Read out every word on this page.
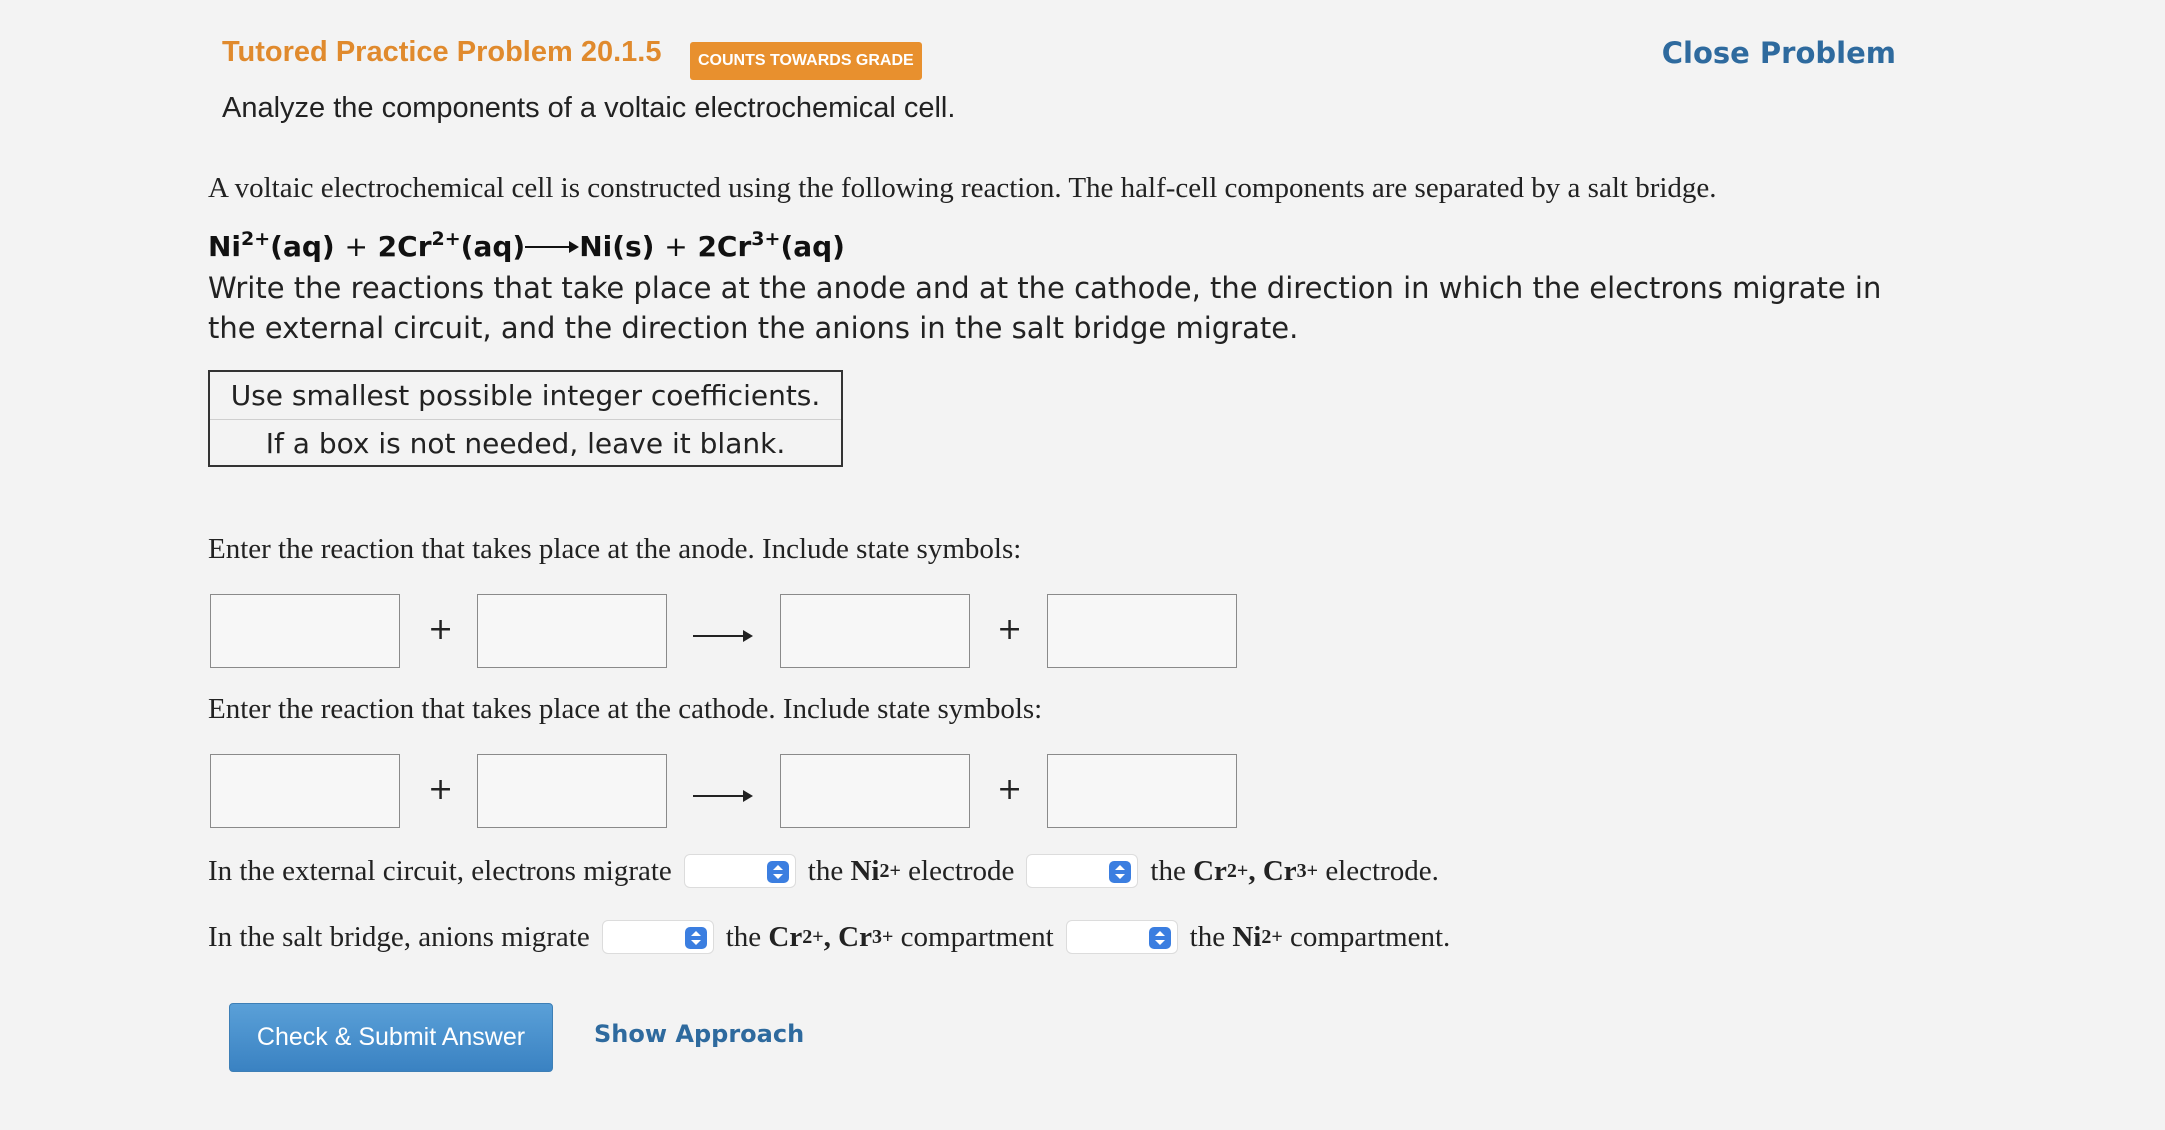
Tutored Practice Problem 20.1.5	COUNTS TOWARDS GRADE	Close Problem
Analyze the components of a voltaic electrochemical cell.
A voltaic electrochemical cell is constructed using the following reaction. The half-cell components are separated by a salt bridge.
$Ni^{2+}(aq) + 2Cr^{2+}(aq)\to Ni(s) + 2Cr^{3+}(aq)$
Write the reactions that take place at the anode and at the cathode, the direction in which the electrons migrate in the external circuit, and the direction the anions in the salt bridge migrate.
Use smallest possible integer coefficients.
If a box is not needed, leave it blank.
Enter the reaction that takes place at the anode. Include state symbols:
+	+
Enter the reaction that takes place at the cathode. Include state symbols:
+	+
In the external circuit, electrons migrate	the
Ni 2+
electrode	the
Cr 2+ ,
Cr 3+
electrode.
In the salt bridge, anions migrate	the
Cr 2+ ,
Cr 3+
compartment	the
Ni 2+
compartment.
Check & Submit Answer	Show Approach
